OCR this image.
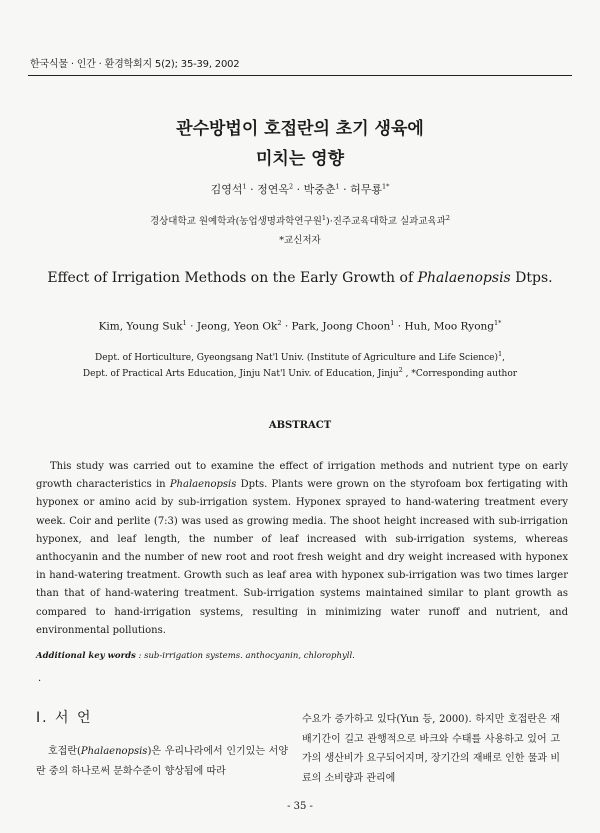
한국식물 · 인간 · 환경학회지 5(2); 35-39, 2002
관수방법이 호접란의 초기 생육에
미치는 영향
김영석$^1$ · 정연옥$^2$ · 박중춘$^1$ · 허무룡$^{1*}$
경상대학교 원예학과(농업생명과학연구원$^1$)·진주교육대학교 실과교육과$^2$
*교신저자
Effect of Irrigation Methods on the Early Growth of Phalaenopsis Dtps.
Kim, Young Suk$^1$ · Jeong, Yeon $Ok^2$ · Park, Joong Choon$^1$ · Huh, Moo Ryong$^{1*}$
Dept. of Horticulture, Gyeongsang Nat'l Univ. (Institute of Agriculture and Life Science)$^1$,
Dept. of Practical Arts Education, Jinju Nat'l Univ. of Education, Jinju$^2$ , *Corresponding author
ABSTRACT

This study was carried out to examine the effect of irrigation methods and nutrient type on early growth characteristics in Phalaenopsis Dpts. Plants were grown on the styrofoam box fertigating with hyponex or amino acid by sub-irrigation system. Hyponex sprayed to hand-watering treatment every week. Coir and perlite (7:3) was used as growing media. The shoot height increased with sub-irrigation hyponex, and leaf length, the number of leaf increased with sub-irrigation systems, whereas anthocyanin and the number of new root and root fresh weight and dry weight increased with hyponex in hand-watering treatment. Growth such as leaf area with hyponex sub-irrigation was two times larger than that of hand-watering treatment. Sub-irrigation systems maintained similar to plant growth as compared to hand-irrigation systems, resulting in minimizing water runoff and nutrient, and environmental pollutions.

Additional key words : sub-irrigation systems. anthocyanin, chlorophyll.
·
Ⅰ. 서 언

호접란(Phalaenopsis)은 우리나라에서 인기있는 서양란 중의 하나로써 문화수준이 향상됨에 따라

수요가 증가하고 있다(Yun 등, 2000). 하지만 호접란은 재배기간이 길고 관행적으로 바크와 수태를 사용하고 있어 고가의 생산비가 요구되어지며, 장기간의 재배로 인한 물과 비료의 소비량과 관리에

- 35 -
